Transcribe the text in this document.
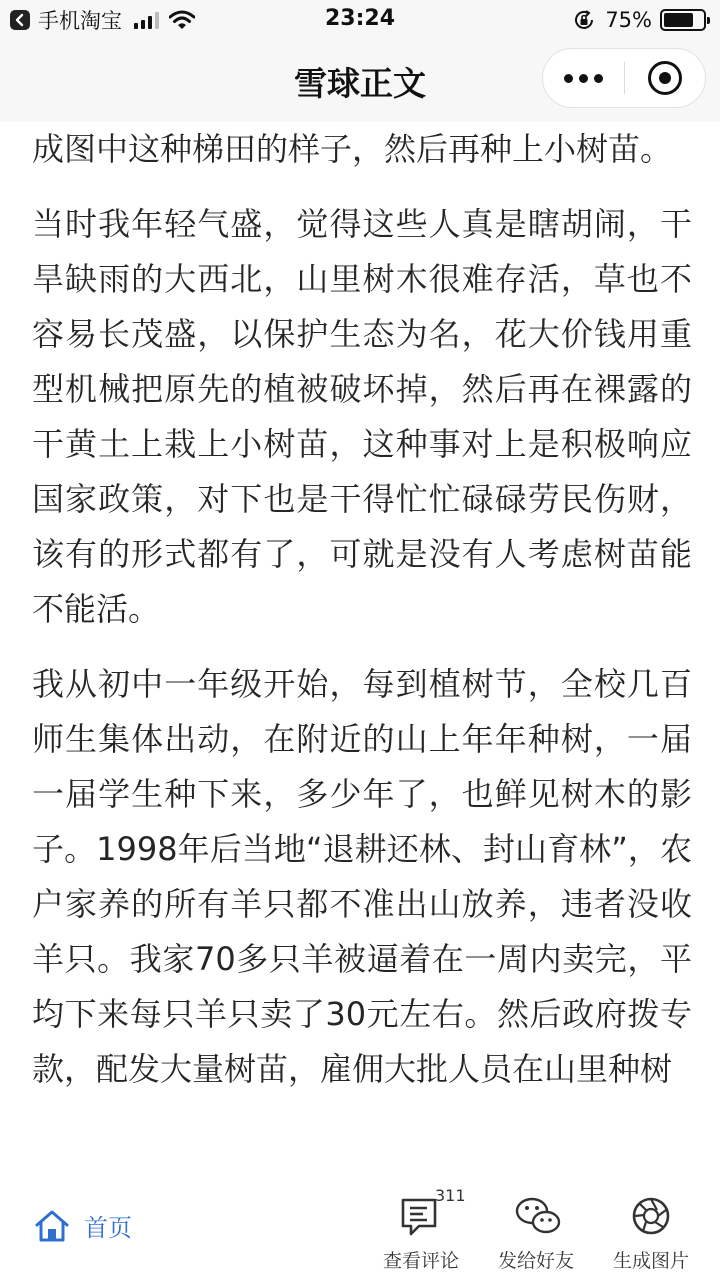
手机淘宝	23:24	75%
雪球正文

成图中这种梯田的样子，然后再种上小树苗。

当时我年轻气盛，觉得这些人真是瞎胡闹，干旱缺雨的大西北，山里树木很难存活，草也不容易长茂盛，以保护生态为名，花大价钱用重型机械把原先的植被破坏掉，然后再在裸露的干黄土上栽上小树苗，这种事对上是积极响应国家政策，对下也是干得忙忙碌碌劳民伤财，该有的形式都有了，可就是没有人考虑树苗能不能活。

我从初中一年级开始，每到植树节，全校几百师生集体出动，在附近的山上年年种树，一届一届学生种下来，多少年了，也鲜见树木的影子。1998年后当地“退耕还林、封山育林”，农户家养的所有羊只都不准出山放养，违者没收羊只。我家70多只羊被逼着在一周内卖完，平均下来每只羊只卖了30元左右。然后政府拨专款，配发大量树苗，雇佣大批人员在山里种树

首页
311
查看评论	发给好友	生成图片
